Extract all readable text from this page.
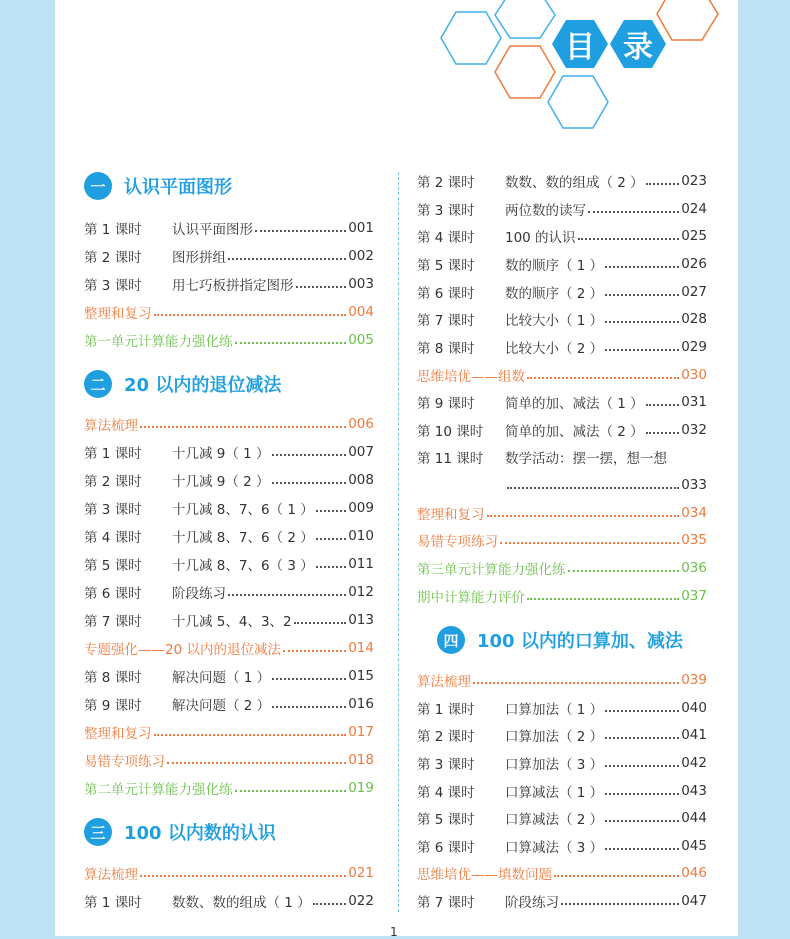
目 录
一	认识平面图形
第 1 课时	认识平面图形	001
第 2 课时	图形拼组	002
第 3 课时	用七巧板拼指定图形	003
整理和复习	004
第一单元计算能力强化练	005
二	20 以内的退位减法
算法梳理	006
第 1 课时	十几减 9（ 1 ）	007
第 2 课时	十几减 9（ 2 ）	008
第 3 课时	十几减 8、7、6（ 1 ）	009
第 4 课时	十几减 8、7、6（ 2 ）	010
第 5 课时	十几减 8、7、6（ 3 ）	011
第 6 课时	阶段练习	012
第 7 课时	十几减 5、4、3、2	013
专题强化——20 以内的退位减法	014
第 8 课时	解决问题（ 1 ）	015
第 9 课时	解决问题（ 2 ）	016
整理和复习	017
易错专项练习	018
第二单元计算能力强化练	019
三	100 以内数的认识
算法梳理	021
第 1 课时	数数、数的组成（ 1 ）	022
第 2 课时	数数、数的组成（ 2 ）	023
第 3 课时	两位数的读写	024
第 4 课时	100 的认识	025
第 5 课时	数的顺序（ 1 ）	026
第 6 课时	数的顺序（ 2 ）	027
第 7 课时	比较大小（ 1 ）	028
第 8 课时	比较大小（ 2 ）	029
思维培优——组数	030
第 9 课时	简单的加、减法（ 1 ）	031
第 10 课时	简单的加、减法（ 2 ）	032
第 11 课时	数学活动：摆一摆，想一想
033
整理和复习	034
易错专项练习	035
第三单元计算能力强化练	036
期中计算能力评价	037
四	100 以内的口算加、减法
算法梳理	039
第 1 课时	口算加法（ 1 ）	040
第 2 课时	口算加法（ 2 ）	041
第 3 课时	口算加法（ 3 ）	042
第 4 课时	口算减法（ 1 ）	043
第 5 课时	口算减法（ 2 ）	044
第 6 课时	口算减法（ 3 ）	045
思维培优——填数问题	046
第 7 课时	阶段练习	047
1
